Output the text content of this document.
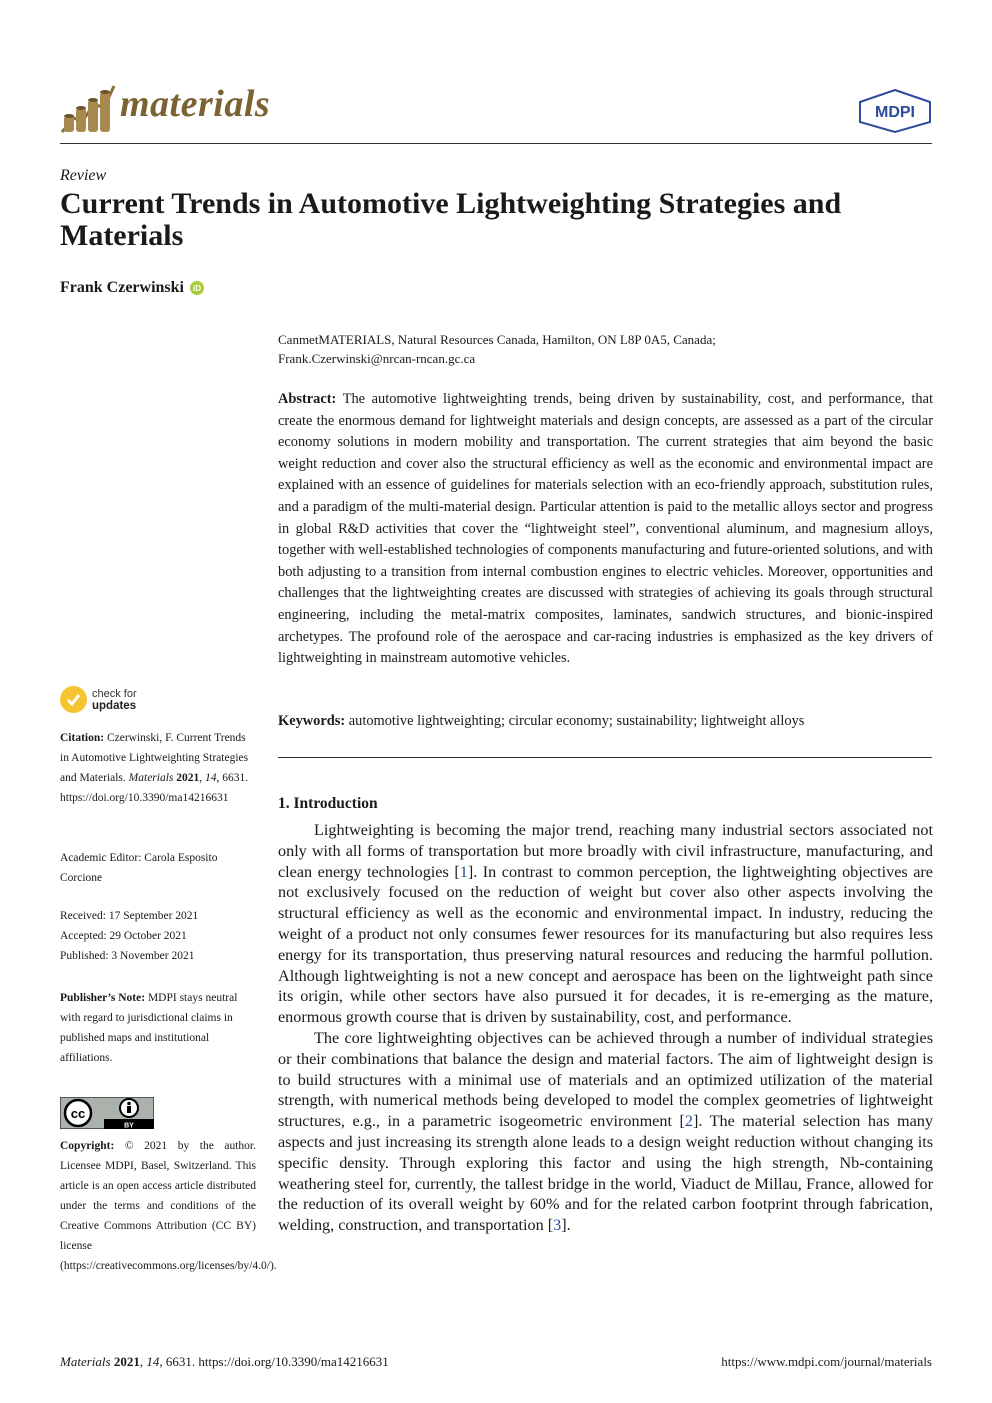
materials	MDPI
Review
Current Trends in Automotive Lightweighting Strategies and Materials
Frank Czerwinski	iD
CanmetMATERIALS, Natural Resources Canada, Hamilton, ON L8P 0A5, Canada;
Frank.Czerwinski@nrcan-rncan.gc.ca
Abstract: The automotive lightweighting trends, being driven by sustainability, cost, and performance, that create the enormous demand for lightweight materials and design concepts, are assessed as a part of the circular economy solutions in modern mobility and transportation. The current strategies that aim beyond the basic weight reduction and cover also the structural efficiency as well as the economic and environmental impact are explained with an essence of guidelines for materials selection with an eco-friendly approach, substitution rules, and a paradigm of the multi-material design. Particular attention is paid to the metallic alloys sector and progress in global R&D activities that cover the “lightweight steel”, conventional aluminum, and magnesium alloys, together with well-established technologies of components manufacturing and future-oriented solutions, and with both adjusting to a transition from internal combustion engines to electric vehicles. Moreover, opportunities and challenges that the lightweighting creates are discussed with strategies of achieving its goals through structural engineering, including the metal-matrix composites, laminates, sandwich structures, and bionic-inspired archetypes. The profound role of the aerospace and car-racing industries is emphasized as the key drivers of lightweighting in mainstream automotive vehicles.
Keywords: automotive lightweighting; circular economy; sustainability; lightweight alloys
1. Introduction

Lightweighting is becoming the major trend, reaching many industrial sectors associated not only with all forms of transportation but more broadly with civil infrastructure, manufacturing, and clean energy technologies [1]. In contrast to common perception, the lightweighting objectives are not exclusively focused on the reduction of weight but cover also other aspects involving the structural efficiency as well as the economic and environmental impact. In industry, reducing the weight of a product not only consumes fewer resources for its manufacturing but also requires less energy for its transportation, thus preserving natural resources and reducing the harmful pollution. Although lightweighting is not a new concept and aerospace has been on the lightweight path since its origin, while other sectors have also pursued it for decades, it is re-emerging as the mature, enormous growth course that is driven by sustainability, cost, and performance.

The core lightweighting objectives can be achieved through a number of individual strategies or their combinations that balance the design and material factors. The aim of lightweight design is to build structures with a minimal use of materials and an optimized utilization of the material strength, with numerical methods being developed to model the complex geometries of lightweight structures, e.g., in a parametric isogeometric environment [2]. The material selection has many aspects and just increasing its strength alone leads to a design weight reduction without changing its specific density. Through exploring this factor and using the high strength, Nb-containing weathering steel for, currently, the tallest bridge in the world, Viaduct de Millau, France, allowed for the reduction of its overall weight by 60% and for the related carbon footprint through fabrication, welding, construction, and transportation [3].

check for
updates
Citation: Czerwinski, F. Current Trends in Automotive Lightweighting Strategies and Materials. Materials 2021, 14, 6631. https://doi.org/10.3390/ma14216631
Academic Editor: Carola Esposito Corcione
Received: 17 September 2021
Accepted: 29 October 2021
Published: 3 November 2021
Publisher’s Note: MDPI stays neutral with regard to jurisdictional claims in published maps and institutional affiliations.
cc
BY
Copyright: © 2021 by the author. Licensee MDPI, Basel, Switzerland. This article is an open access article distributed under the terms and conditions of the Creative Commons Attribution (CC BY) license (https://creativecommons.org/licenses/by/4.0/).
Materials 2021, 14, 6631. https://doi.org/10.3390/ma14216631	https://www.mdpi.com/journal/materials
